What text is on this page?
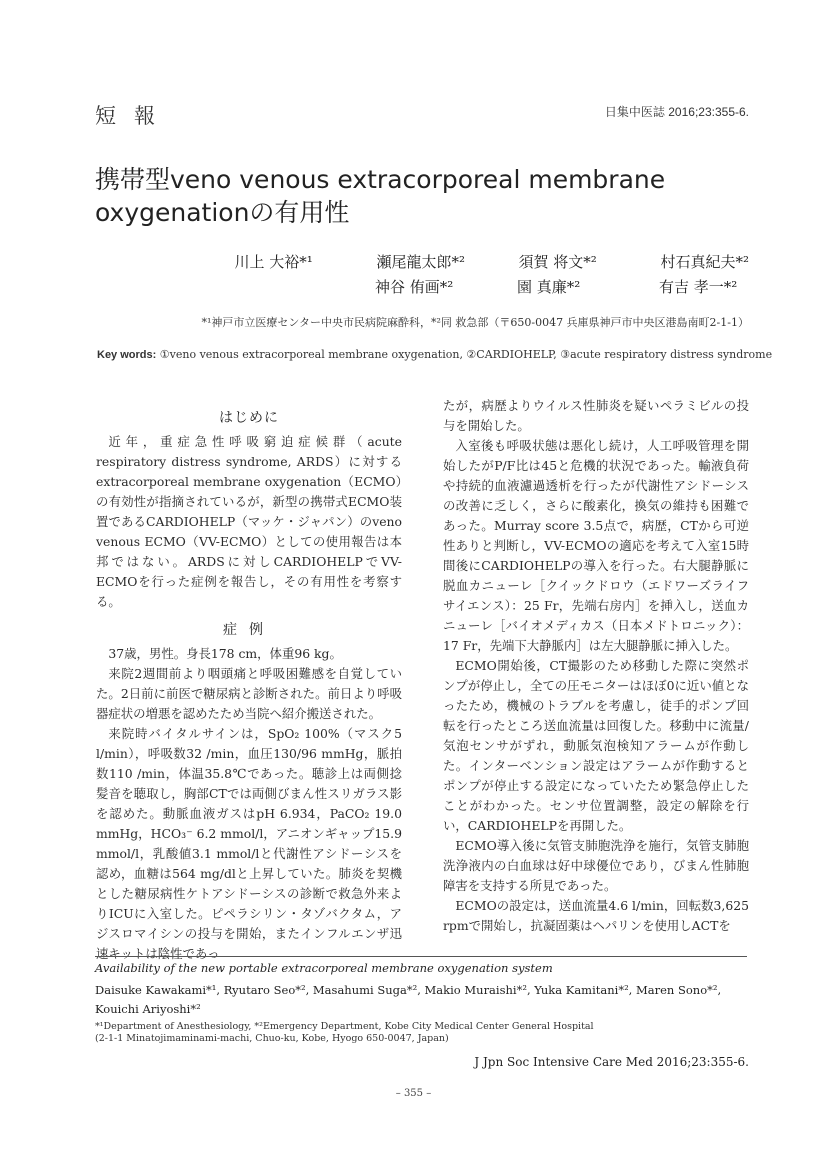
短報	日集中医誌 2016;23:355-6.
携帯型veno venous extracorporeal membrane oxygenationの有用性
川上 大裕*¹	瀬尾龍太郎*²	須賀 将文*²	村石真紀夫*²
神谷 侑画*²	園 真廉*²	有吉 孝一*²
*¹神戸市立医療センター中央市民病院麻酔科，*²同 救急部（〒650-0047 兵庫県神戸市中央区港島南町2-1-1）
Key words: ①veno venous extracorporeal membrane oxygenation, ②CARDIOHELP, ③acute respiratory distress syndrome
はじめに

近年，重症急性呼吸窮迫症候群（acute respiratory distress syndrome, ARDS）に対するextracorporeal membrane oxygenation（ECMO）の有効性が指摘されているが，新型の携帯式ECMO装置であるCARDIOHELP（マッケ・ジャパン）のveno venous ECMO（VV-ECMO）としての使用報告は本邦ではない。ARDSに対しCARDIOHELPでVV-ECMOを行った症例を報告し，その有用性を考察する。

症例

37歳，男性。身長178 cm，体重96 kg。

来院2週間前より咽頭痛と呼吸困難感を自覚していた。2日前に前医で糖尿病と診断された。前日より呼吸器症状の増悪を認めたため当院へ紹介搬送された。

来院時バイタルサインは，SpO₂ 100%（マスク5 l/min），呼吸数32 /min，血圧130/96 mmHg，脈拍数110 /min，体温35.8℃であった。聴診上は両側捻髪音を聴取し，胸部CTでは両側びまん性スリガラス影を認めた。動脈血液ガスはpH 6.934，PaCO₂ 19.0 mmHg，HCO₃⁻ 6.2 mmol/l，アニオンギャップ15.9 mmol/l，乳酸値3.1 mmol/lと代謝性アシドーシスを認め，血糖は564 mg/dlと上昇していた。肺炎を契機とした糖尿病性ケトアシドーシスの診断で救急外来よりICUに入室した。ピペラシリン・タゾバクタム，アジスロマイシンの投与を開始，またインフルエンザ迅速キットは陰性であっ

たが，病歴よりウイルス性肺炎を疑いペラミビルの投与を開始した。

入室後も呼吸状態は悪化し続け，人工呼吸管理を開始したがP/F比は45と危機的状況であった。輸液負荷や持続的血液濾過透析を行ったが代謝性アシドーシスの改善に乏しく，さらに酸素化，換気の維持も困難であった。Murray score 3.5点で，病歴，CTから可逆性ありと判断し，VV-ECMOの適応を考えて入室15時間後にCARDIOHELPの導入を行った。右大腿静脈に脱血カニューレ［クイックドロウ（エドワーズライフサイエンス）：25 Fr，先端右房内］を挿入し，送血カニューレ［バイオメディカス（日本メドトロニック）：17 Fr，先端下大静脈内］は左大腿静脈に挿入した。

ECMO開始後，CT撮影のため移動した際に突然ポンプが停止し，全ての圧モニターはほぼ0に近い値となったため，機械のトラブルを考慮し，徒手的ポンプ回転を行ったところ送血流量は回復した。移動中に流量/気泡センサがずれ，動脈気泡検知アラームが作動した。インターベンション設定はアラームが作動するとポンプが停止する設定になっていたため緊急停止したことがわかった。センサ位置調整，設定の解除を行い，CARDIOHELPを再開した。

ECMO導入後に気管支肺胞洗浄を施行，気管支肺胞洗浄液内の白血球は好中球優位であり，びまん性肺胞障害を支持する所見であった。

ECMOの設定は，送血流量4.6 l/min，回転数3,625 rpmで開始し，抗凝固薬はヘパリンを使用しACTを

Availability of the new portable extracorporeal membrane oxygenation system
Daisuke Kawakami*¹, Ryutaro Seo*², Masahumi Suga*², Makio Muraishi*², Yuka Kamitani*², Maren Sono*², Kouichi Ariyoshi*²
*¹Department of Anesthesiology, *²Emergency Department, Kobe City Medical Center General Hospital
(2-1-1 Minatojimaminami-machi, Chuo-ku, Kobe, Hyogo 650-0047, Japan)
J Jpn Soc Intensive Care Med 2016;23:355-6.
– 355 –
